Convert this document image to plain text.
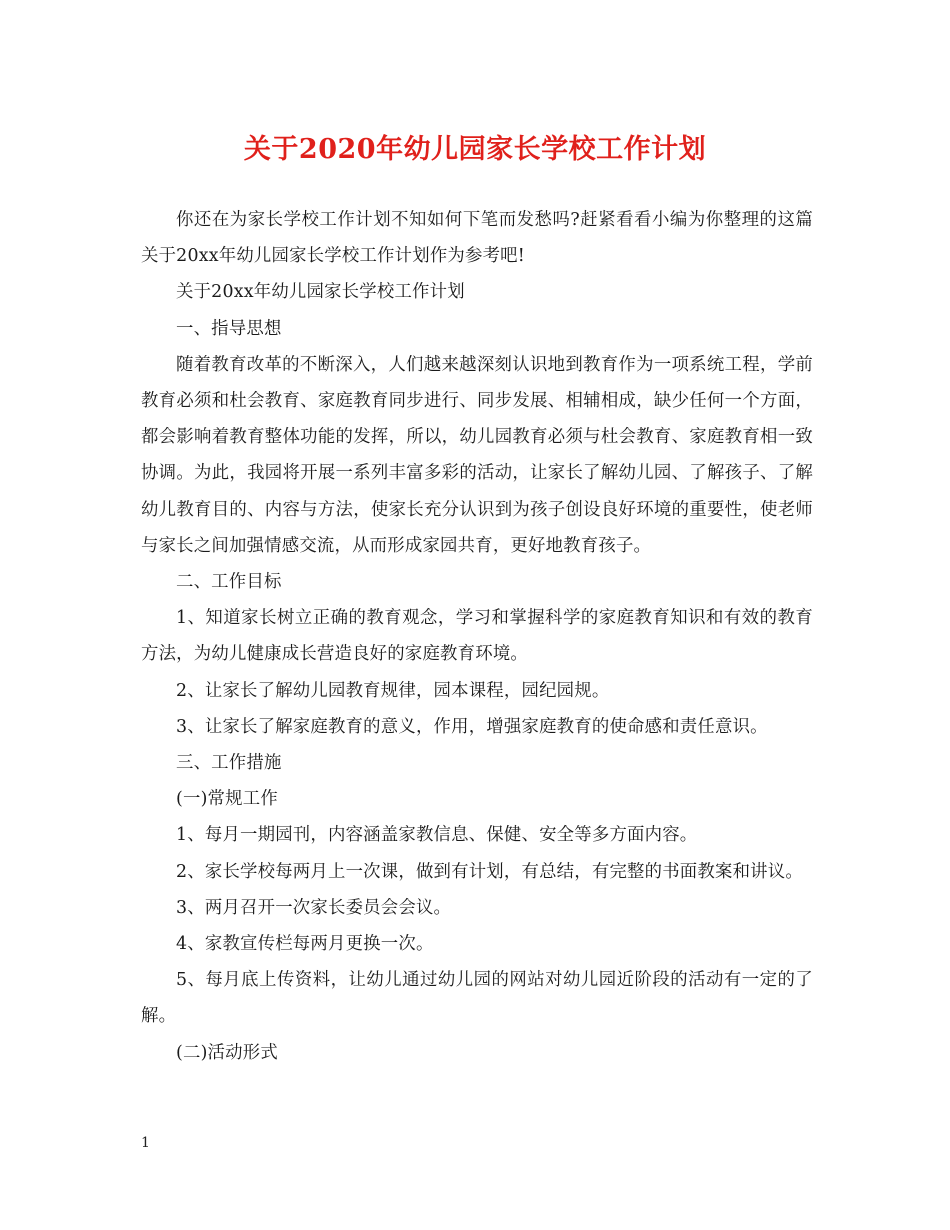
关于2020年幼儿园家长学校工作计划

你还在为家长学校工作计划不知如何下笔而发愁吗?赶紧看看小编为你整理的这篇关于20xx年幼儿园家长学校工作计划作为参考吧!

关于20xx年幼儿园家长学校工作计划

一、指导思想

随着教育改革的不断深入，人们越来越深刻认识地到教育作为一项系统工程，学前教育必须和杜会教育、家庭教育同步进行、同步发展、相辅相成，缺少任何一个方面，都会影响着教育整体功能的发挥，所以，幼儿园教育必须与杜会教育、家庭教育相一致协调。为此，我园将开展一系列丰富多彩的活动，让家长了解幼儿园、了解孩子、了解幼儿教育目的、内容与方法，使家长充分认识到为孩子创设良好环境的重要性，使老师与家长之间加强情感交流，从而形成家园共育，更好地教育孩子。

二、工作目标

1、知道家长树立正确的教育观念，学习和掌握科学的家庭教育知识和有效的教育方法，为幼儿健康成长营造良好的家庭教育环境。

2、让家长了解幼儿园教育规律，园本课程，园纪园规。

3、让家长了解家庭教育的意义，作用，增强家庭教育的使命感和责任意识。

三、工作措施

(一)常规工作

1、每月一期园刊，内容涵盖家教信息、保健、安全等多方面内容。

2、家长学校每两月上一次课，做到有计划，有总结，有完整的书面教案和讲议。

3、两月召开一次家长委员会会议。

4、家教宣传栏每两月更换一次。

5、每月底上传资料，让幼儿通过幼儿园的网站对幼儿园近阶段的活动有一定的了解。

(二)活动形式

1
